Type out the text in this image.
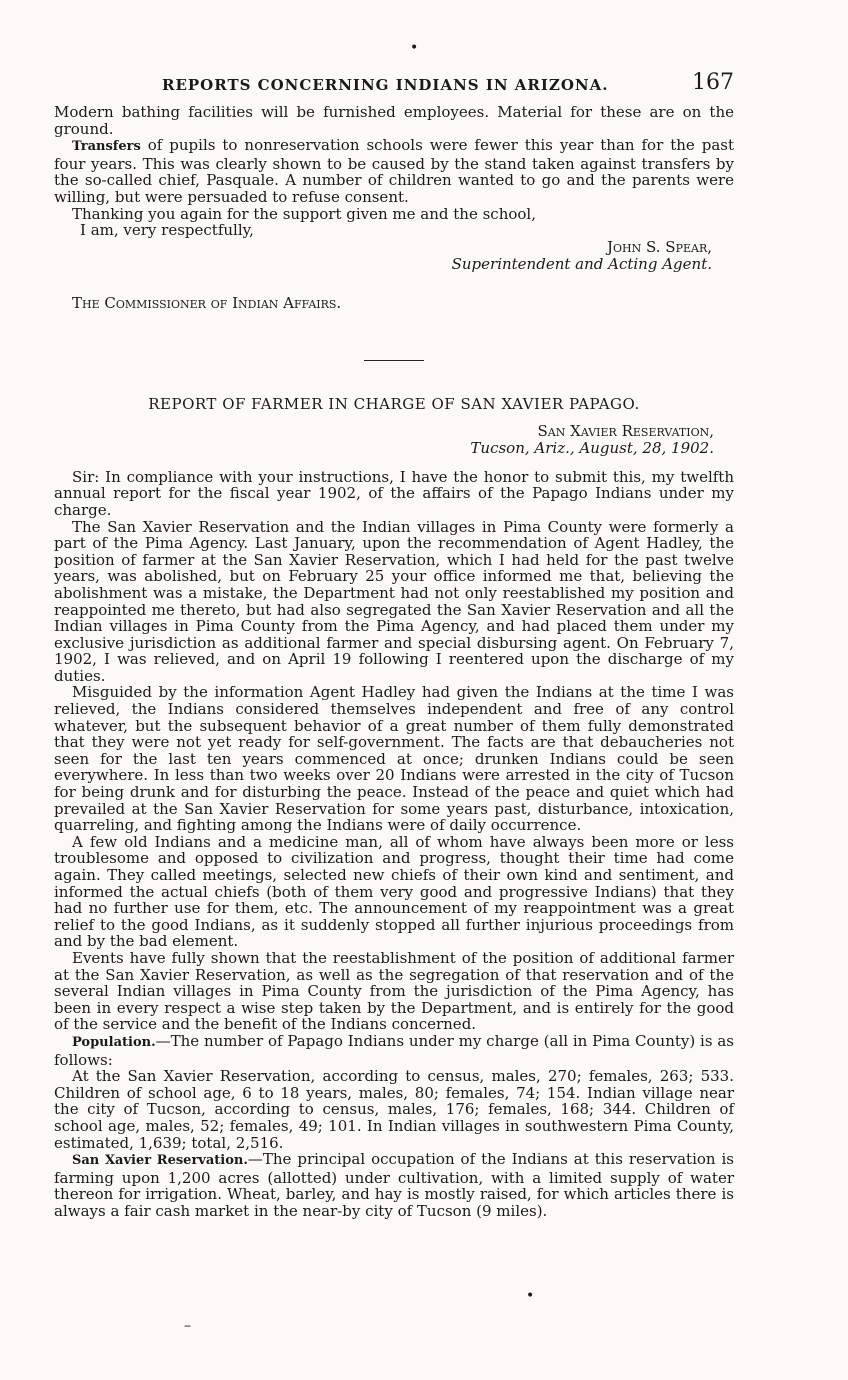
•
REPORTS CONCERNING INDIANS IN ARIZONA.	167

Modern bathing facilities will be furnished employees. Material for these are on the ground.

Transfers of pupils to nonreservation schools were fewer this year than for the past four years. This was clearly shown to be caused by the stand taken against transfers by the so-called chief, Pasquale. A number of children wanted to go and the parents were willing, but were persuaded to refuse consent.

Thanking you again for the support given me and the school,

I am, very respectfully,

John S. Spear,
Superintendent and Acting Agent.
The Commissioner of Indian Affairs.
REPORT OF FARMER IN CHARGE OF SAN XAVIER PAPAGO.
San Xavier Reservation,
Tucson, Ariz., August, 28, 1902.

Sir: In compliance with your instructions, I have the honor to submit this, my twelfth annual report for the fiscal year 1902, of the affairs of the Papago Indians under my charge.

The San Xavier Reservation and the Indian villages in Pima County were formerly a part of the Pima Agency. Last January, upon the recommendation of Agent Hadley, the position of farmer at the San Xavier Reservation, which I had held for the past twelve years, was abolished, but on February 25 your office informed me that, believing the abolishment was a mistake, the Department had not only reestablished my position and reappointed me thereto, but had also segregated the San Xavier Reservation and all the Indian villages in Pima County from the Pima Agency, and had placed them under my exclusive jurisdiction as additional farmer and special disbursing agent. On February 7, 1902, I was relieved, and on April 19 following I reentered upon the discharge of my duties.

Misguided by the information Agent Hadley had given the Indians at the time I was relieved, the Indians considered themselves independent and free of any control whatever, but the subsequent behavior of a great number of them fully demonstrated that they were not yet ready for self-government. The facts are that debaucheries not seen for the last ten years commenced at once; drunken Indians could be seen everywhere. In less than two weeks over 20 Indians were arrested in the city of Tucson for being drunk and for disturbing the peace. Instead of the peace and quiet which had prevailed at the San Xavier Reservation for some years past, disturbance, intoxication, quarreling, and fighting among the Indians were of daily occurrence.

A few old Indians and a medicine man, all of whom have always been more or less troublesome and opposed to civilization and progress, thought their time had come again. They called meetings, selected new chiefs of their own kind and sentiment, and informed the actual chiefs (both of them very good and progressive Indians) that they had no further use for them, etc. The announcement of my reappointment was a great relief to the good Indians, as it suddenly stopped all further injurious proceedings from and by the bad element.

Events have fully shown that the reestablishment of the position of additional farmer at the San Xavier Reservation, as well as the segregation of that reservation and of the several Indian villages in Pima County from the jurisdiction of the Pima Agency, has been in every respect a wise step taken by the Department, and is entirely for the good of the service and the benefit of the Indians concerned.

Population.—The number of Papago Indians under my charge (all in Pima County) is as follows:

At the San Xavier Reservation, according to census, males, 270; females, 263; 533. Children of school age, 6 to 18 years, males, 80; females, 74; 154. Indian village near the city of Tucson, according to census, males, 176; females, 168; 344. Children of school age, males, 52; females, 49; 101. In Indian villages in southwestern Pima County, estimated, 1,639; total, 2,516.

San Xavier Reservation.—The principal occupation of the Indians at this reservation is farming upon 1,200 acres (allotted) under cultivation, with a limited supply of water thereon for irrigation. Wheat, barley, and hay is mostly raised, for which articles there is always a fair cash market in the near-by city of Tucson (9 miles).

•
–
